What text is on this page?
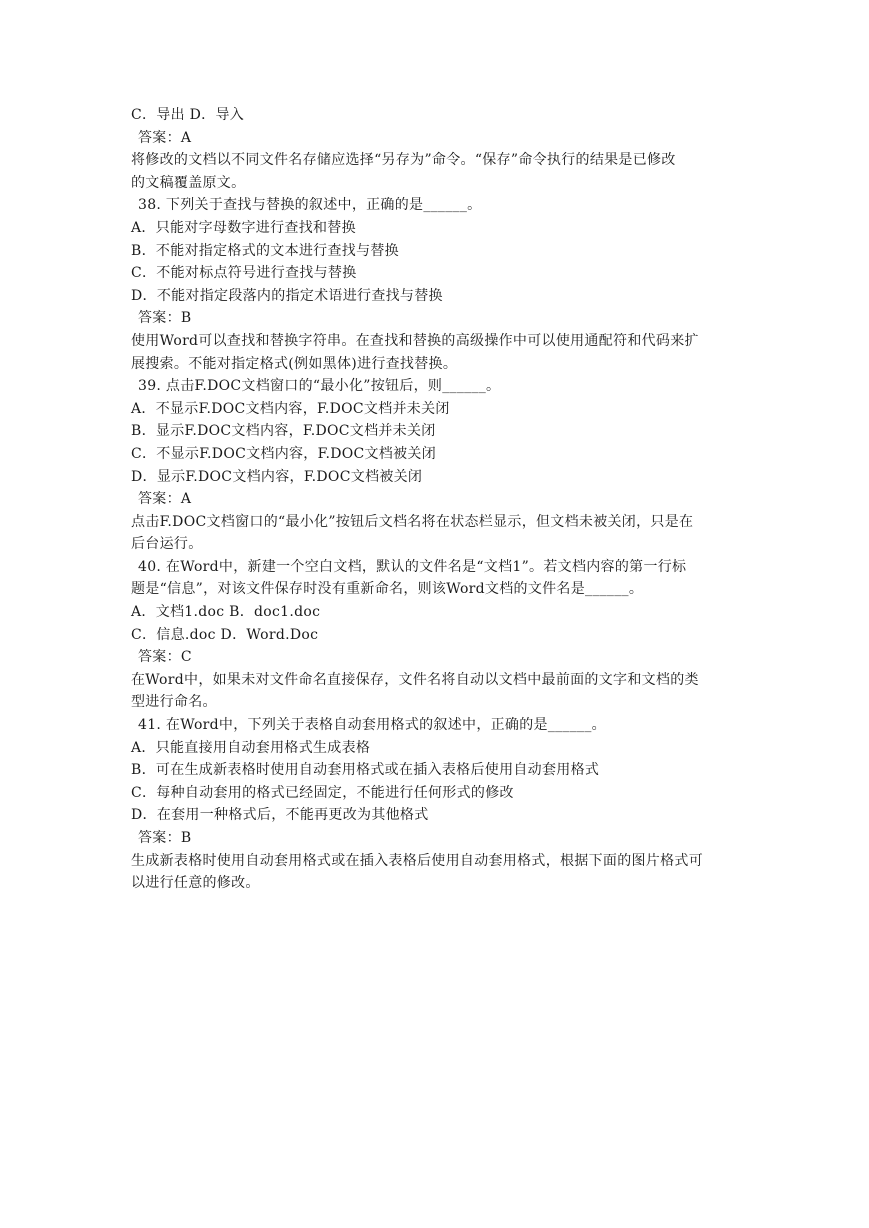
C．导出 D．导入
答案：A
将修改的文档以不同文件名存储应选择“另存为”命令。“保存”命令执行的结果是已修改
的文稿覆盖原文。
38. 下列关于查找与替换的叙述中，正确的是______。
A．只能对字母数字进行查找和替换
B．不能对指定格式的文本进行查找与替换
C．不能对标点符号进行查找与替换
D．不能对指定段落内的指定术语进行查找与替换
答案：B
使用Word可以查找和替换字符串。在查找和替换的高级操作中可以使用通配符和代码来扩
展搜索。不能对指定格式(例如黑体)进行查找替换。
39. 点击F.DOC文档窗口的“最小化”按钮后，则______。
A．不显示F.DOC文档内容，F.DOC文档并未关闭
B．显示F.DOC文档内容，F.DOC文档并未关闭
C．不显示F.DOC文档内容，F.DOC文档被关闭
D．显示F.DOC文档内容，F.DOC文档被关闭
答案：A
点击F.DOC文档窗口的“最小化”按钮后文档名将在状态栏显示，但文档未被关闭，只是在
后台运行。
40. 在Word中，新建一个空白文档，默认的文件名是“文档1”。若文档内容的第一行标
题是“信息”，对该文件保存时没有重新命名，则该Word文档的文件名是______。
A．文档1.doc B．doc1.doc
C．信息.doc D．Word.Doc
答案：C
在Word中，如果未对文件命名直接保存，文件名将自动以文档中最前面的文字和文档的类
型进行命名。
41. 在Word中，下列关于表格自动套用格式的叙述中，正确的是______。
A．只能直接用自动套用格式生成表格
B．可在生成新表格时使用自动套用格式或在插入表格后使用自动套用格式
C．每种自动套用的格式已经固定，不能进行任何形式的修改
D．在套用一种格式后，不能再更改为其他格式
答案：B
生成新表格时使用自动套用格式或在插入表格后使用自动套用格式，根据下面的图片格式可
以进行任意的修改。
